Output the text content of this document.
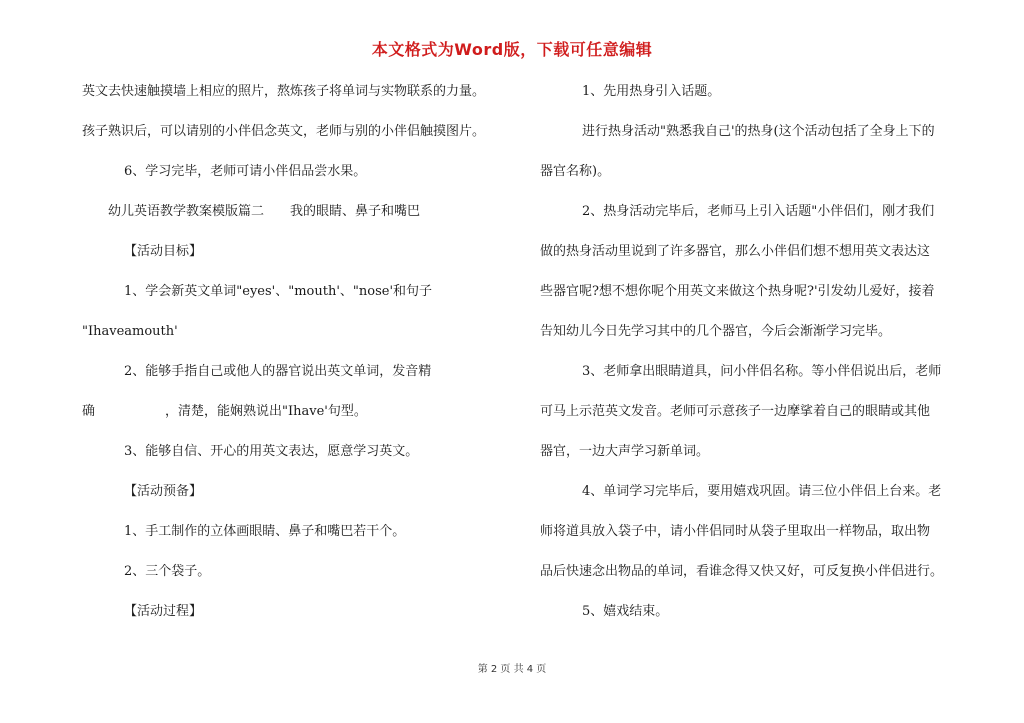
本文格式为Word版，下载可任意编辑
英文去快速触摸墙上相应的照片，熬炼孩子将单词与实物联系的力量。
孩子熟识后，可以请别的小伴侣念英文，老师与别的小伴侣触摸图片。
6、学习完毕，老师可请小伴侣品尝水果。
幼儿英语教学教案模版篇二 我的眼睛、鼻子和嘴巴
【活动目标】
1、学会新英文单词"eyes'、"mouth'、"nose'和句子
"Ihaveamouth'
2、能够手指自己或他人的器官说出英文单词，发音精
确	，清楚，能娴熟说出"Ihave'句型。
3、能够自信、开心的用英文表达，愿意学习英文。
【活动预备】
1、手工制作的立体画眼睛、鼻子和嘴巴若干个。
2、三个袋子。
【活动过程】
1、先用热身引入话题。
进行热身活动"熟悉我自己'的热身(这个活动包括了全身上下的
器官名称)。
2、热身活动完毕后，老师马上引入话题"小伴侣们，刚才我们
做的热身活动里说到了许多器官，那么小伴侣们想不想用英文表达这
些器官呢?想不想你呢个用英文来做这个热身呢?'引发幼儿爱好，接着
告知幼儿今日先学习其中的几个器官，今后会渐渐学习完毕。
3、老师拿出眼睛道具，问小伴侣名称。等小伴侣说出后，老师
可马上示范英文发音。老师可示意孩子一边摩挲着自己的眼睛或其他
器官，一边大声学习新单词。
4、单词学习完毕后，要用嬉戏巩固。请三位小伴侣上台来。老
师将道具放入袋子中，请小伴侣同时从袋子里取出一样物品，取出物
品后快速念出物品的单词，看谁念得又快又好，可反复换小伴侣进行。
5、嬉戏结束。
第 2 页 共 4 页
